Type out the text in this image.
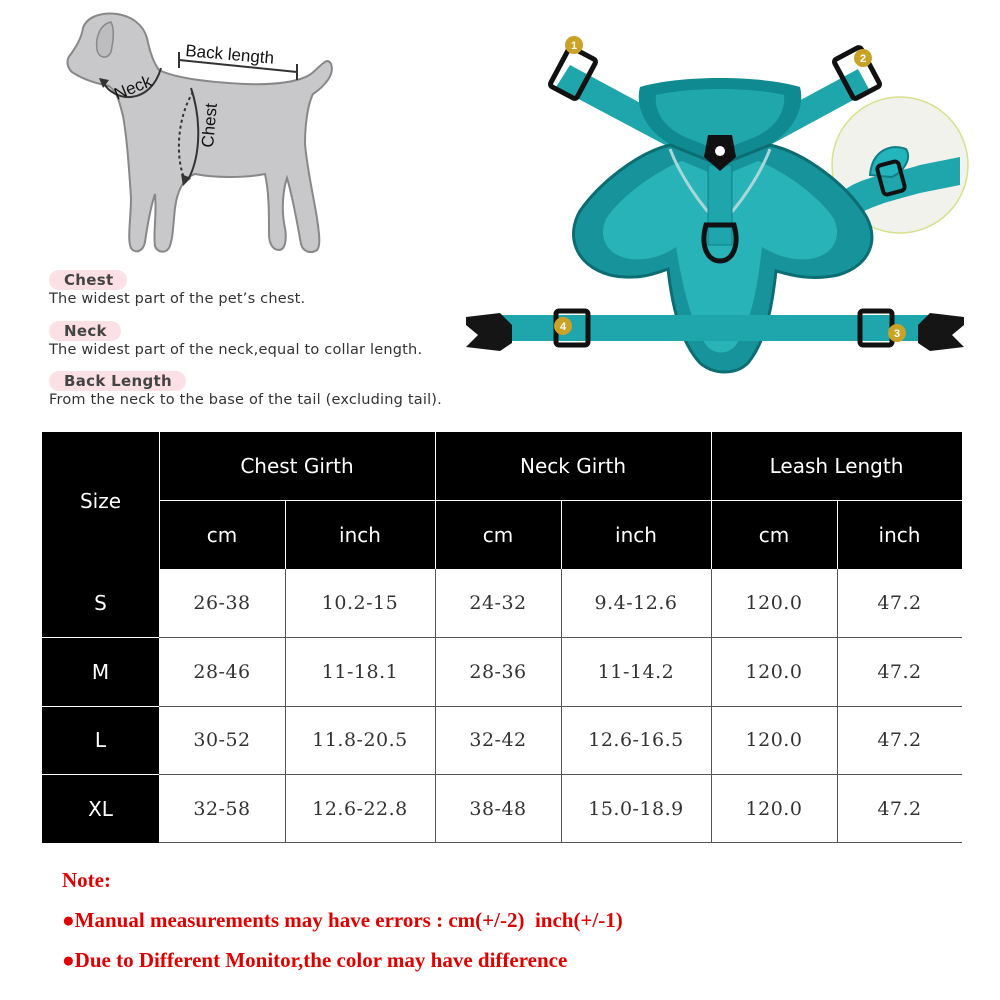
Back length
Neck
Chest
Chest
The widest part of the pet’s chest.
Neck
The widest part of the neck,equal to collar length.
Back Length
From the neck to the base of the tail (excluding tail).
1
2
3
4
Size
Chest Girth	Neck Girth	Leash Length
cm	inch	cm	inch	cm	inch
S	26-38	10.2-15	24-32	9.4-12.6	120.0	47.2
M	28-46	11-18.1	28-36	11-14.2	120.0	47.2
L	30-52	11.8-20.5	32-42	12.6-16.5	120.0	47.2
XL	32-58	12.6-22.8	38-48	15.0-18.9	120.0	47.2
Note:
●Manual measurements may have errors : cm(+/-2)  inch(+/-1)
●Due to Different Monitor,the color may have difference
